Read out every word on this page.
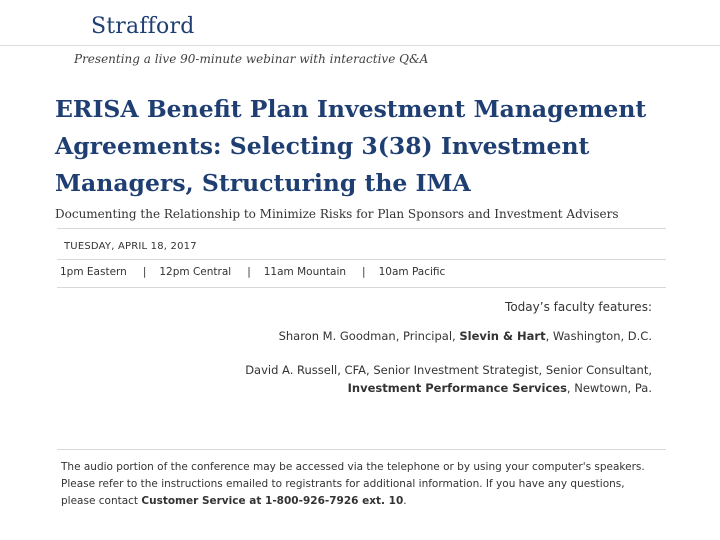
Strafford
Presenting a live 90-minute webinar with interactive Q&A
ERISA Benefit Plan Investment Management
Agreements: Selecting 3(38) Investment
Managers, Structuring the IMA
Documenting the Relationship to Minimize Risks for Plan Sponsors and Investment Advisers
TUESDAY, APRIL 18, 2017
1pm Eastern | 12pm Central | 11am Mountain | 10am Pacific
Today’s faculty features:
Sharon M. Goodman, Principal, Slevin & Hart, Washington, D.C.
David A. Russell, CFA, Senior Investment Strategist, Senior Consultant,
Investment Performance Services, Newtown, Pa.
The audio portion of the conference may be accessed via the telephone or by using your computer's speakers. Please refer to the instructions emailed to registrants for additional information. If you have any questions, please contact Customer Service at 1-800-926-7926 ext. 10.
